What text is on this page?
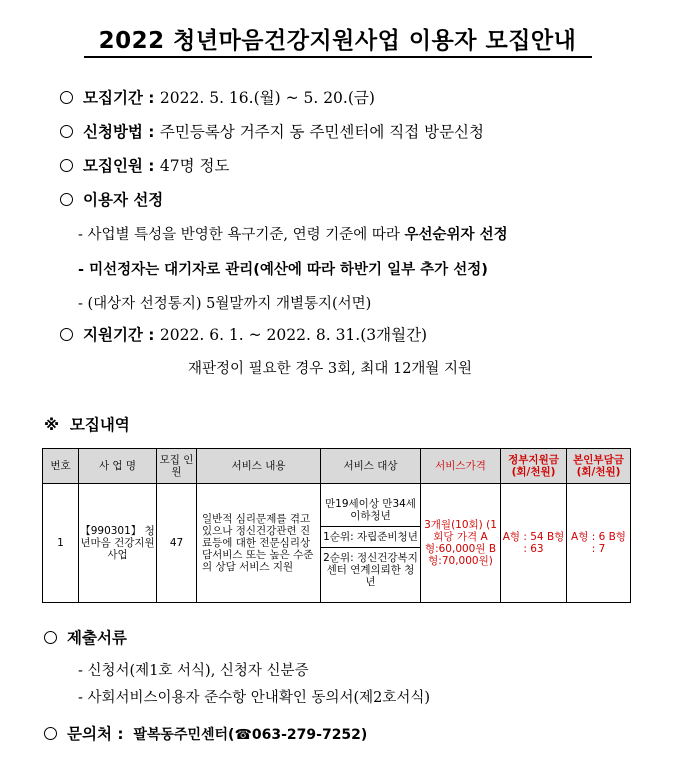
2022 청년마음건강지원사업 이용자 모집안내
모집기간 : 2022. 5. 16.(월) ~ 5. 20.(금)
신청방법 : 주민등록상 거주지 동 주민센터에 직접 방문신청
모집인원 : 47명 정도
이용자 선정
- 사업별 특성을 반영한 욕구기준, 연령 기준에 따라 우선순위자 선정
- 미선정자는 대기자로 관리(예산에 따라 하반기 일부 추가 선정)
- (대상자 선정통지) 5월말까지 개별통지(서면)
지원기간 : 2022. 6. 1. ~ 2022. 8. 31.(3개월간)
재판정이 필요한 경우 3회, 최대 12개월 지원
※ 모집내역
번호	사 업 명	모집 인원	서비스 내용	서비스 대상	서비스가격	정부지원금 (회/천원)	본인부담금 (회/천원)
1	【990301】 청년마음 건강지원 사업	47	일반적 심리문제를 겪고 있으나 정신건강관련 진료등에 대한 전문심리상담서비스 또는 높은 수준의 상담 서비스 지원	만19세이상 만34세이하청년
1순위: 자립준비청년
2순위: 정신건강복지센터 연계의뢰한 청년	3개월(10회) (1회당 가격 A형:60,000원 B형:70,000원)	A형 : 54 B형 : 63	A형 : 6 B형 : 7
제출서류
- 신청서(제1호 서식), 신청자 신분증
- 사회서비스이용자 준수항 안내확인 동의서(제2호서식)
문의처 : 팔복동주민센터(☎063-279-7252)
